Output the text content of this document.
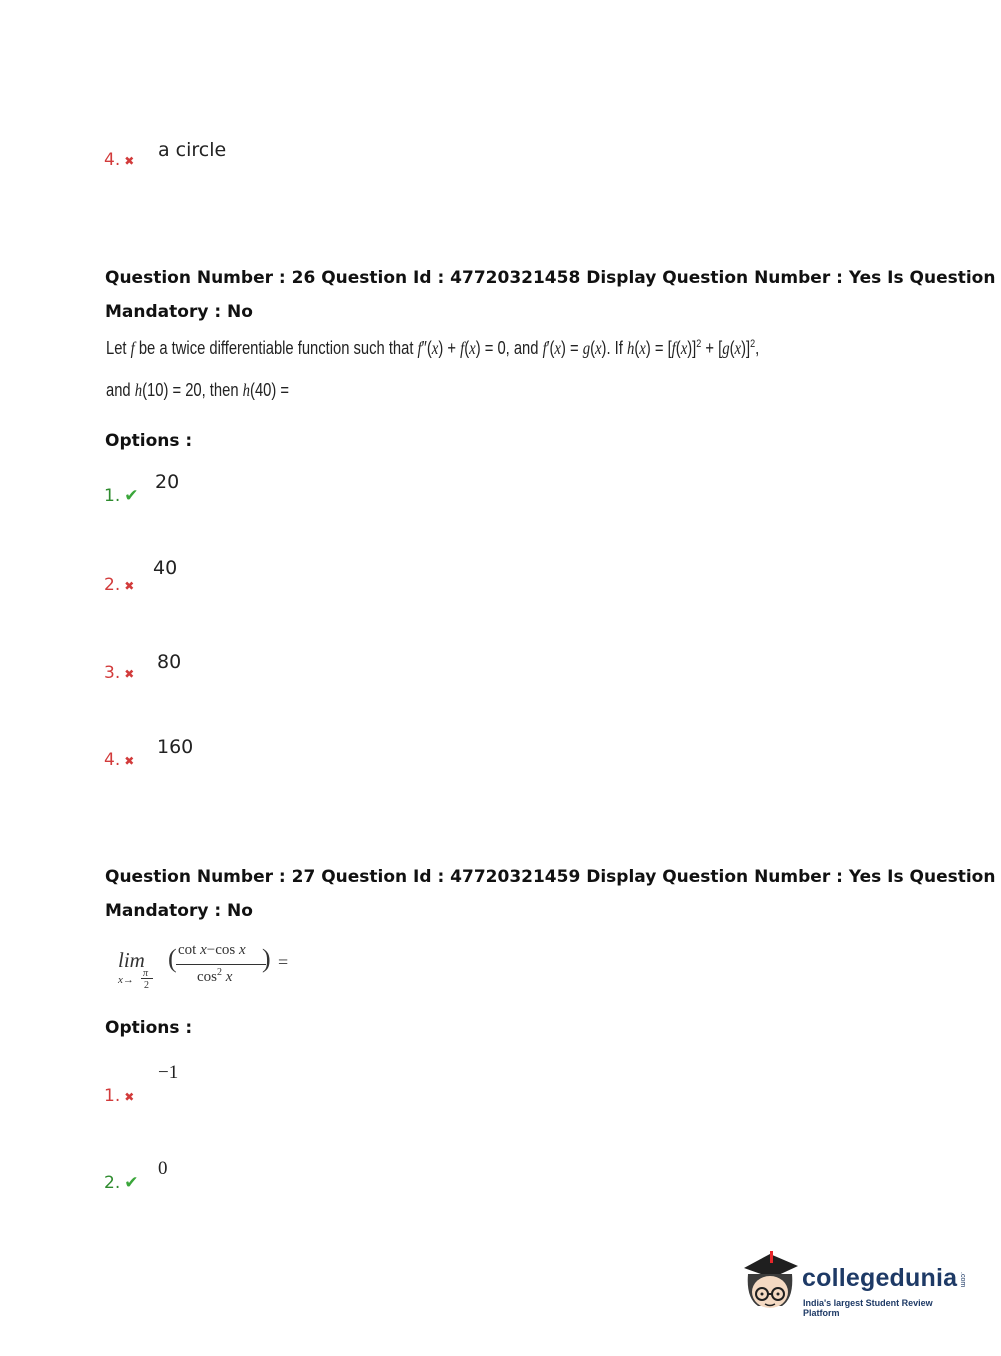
4. ✖ a circle
Question Number : 26 Question Id : 47720321458 Display Question Number : Yes Is Question
Mandatory : No
Let f be a twice differentiable function such that f″(x) + f(x) = 0, and f′(x) = g(x). If $h(x) = [f(x)]^2 + [g(x)]^2$,
and h(10) = 20, then h(40) =
Options :
1. ✔
20
2. ✖
40
3. ✖
80
4. ✖
160
Question Number : 27 Question Id : 47720321459 Display Question Number : Yes Is Question
Mandatory : No
lim
x→
π
2
( cot x−cos x
$\cos^2 x$
) =
Options :
1. ✖
−1
2. ✔
0
collegedunia .com
India's largest Student Review Platform
